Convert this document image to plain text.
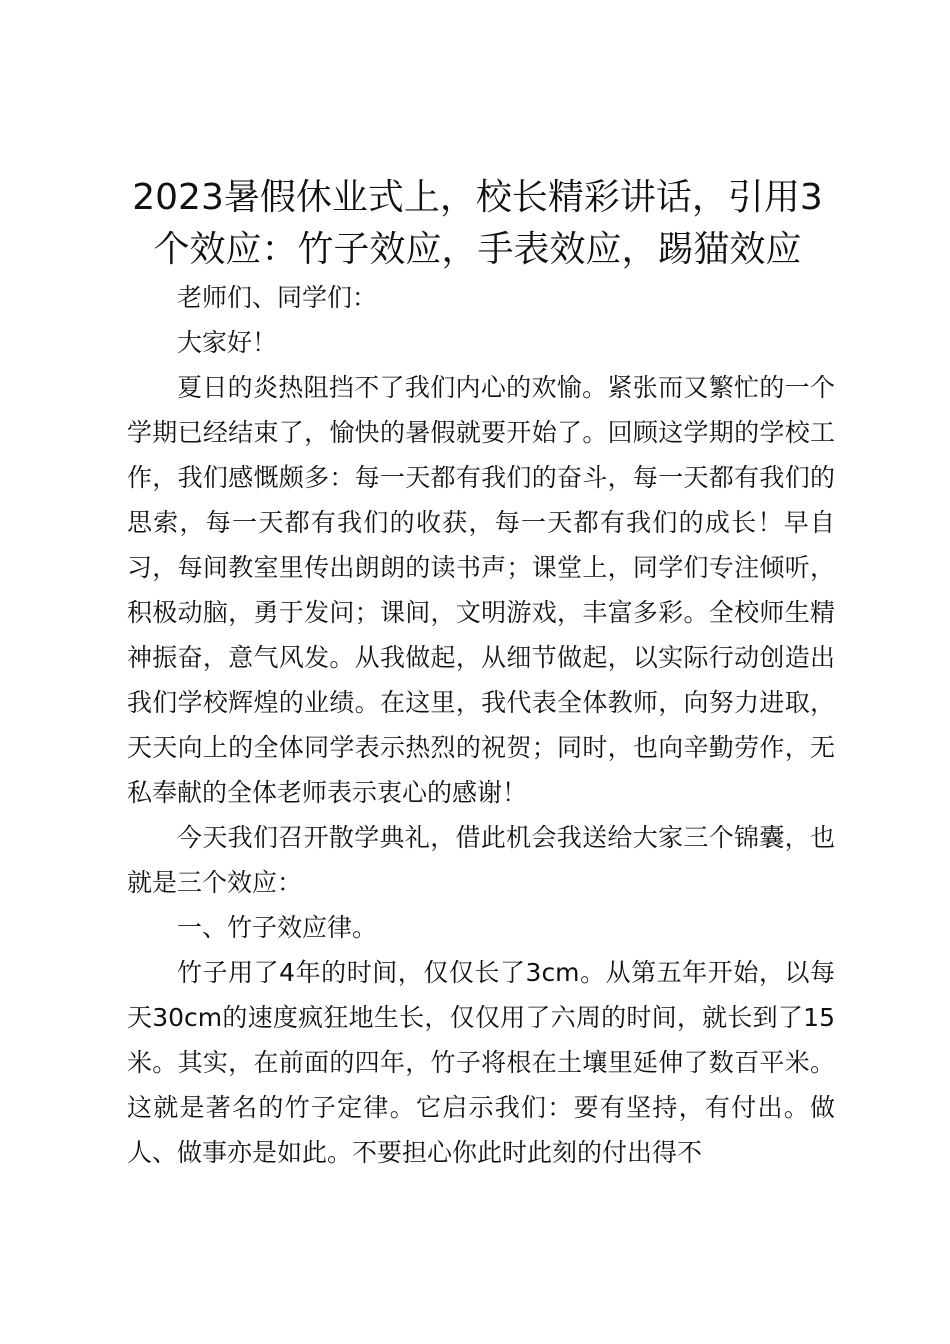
2023暑假休业式上，校长精彩讲话，引用3
个效应：竹子效应，手表效应，踢猫效应

老师们、同学们：

大家好！

夏日的炎热阻挡不了我们内心的欢愉。紧张而又繁忙的一个学期已经结束了，愉快的暑假就要开始了。回顾这学期的学校工作，我们感慨颇多：每一天都有我们的奋斗，每一天都有我们的思索，每一天都有我们的收获，每一天都有我们的成长！早自习，每间教室里传出朗朗的读书声；课堂上，同学们专注倾听，积极动脑，勇于发问；课间，文明游戏，丰富多彩。全校师生精神振奋，意气风发。从我做起，从细节做起，以实际行动创造出我们学校辉煌的业绩。在这里，我代表全体教师，向努力进取，天天向上的全体同学表示热烈的祝贺；同时，也向辛勤劳作，无私奉献的全体老师表示衷心的感谢！

今天我们召开散学典礼，借此机会我送给大家三个锦囊，也就是三个效应：

一、竹子效应律。

竹子用了4年的时间，仅仅长了3cm。从第五年开始，以每天30cm的速度疯狂地生长，仅仅用了六周的时间，就长到了15米。其实，在前面的四年，竹子将根在土壤里延伸了数百平米。这就是著名的竹子定律。它启示我们：要有坚持，有付出。做人、做事亦是如此。不要担心你此时此刻的付出得不
